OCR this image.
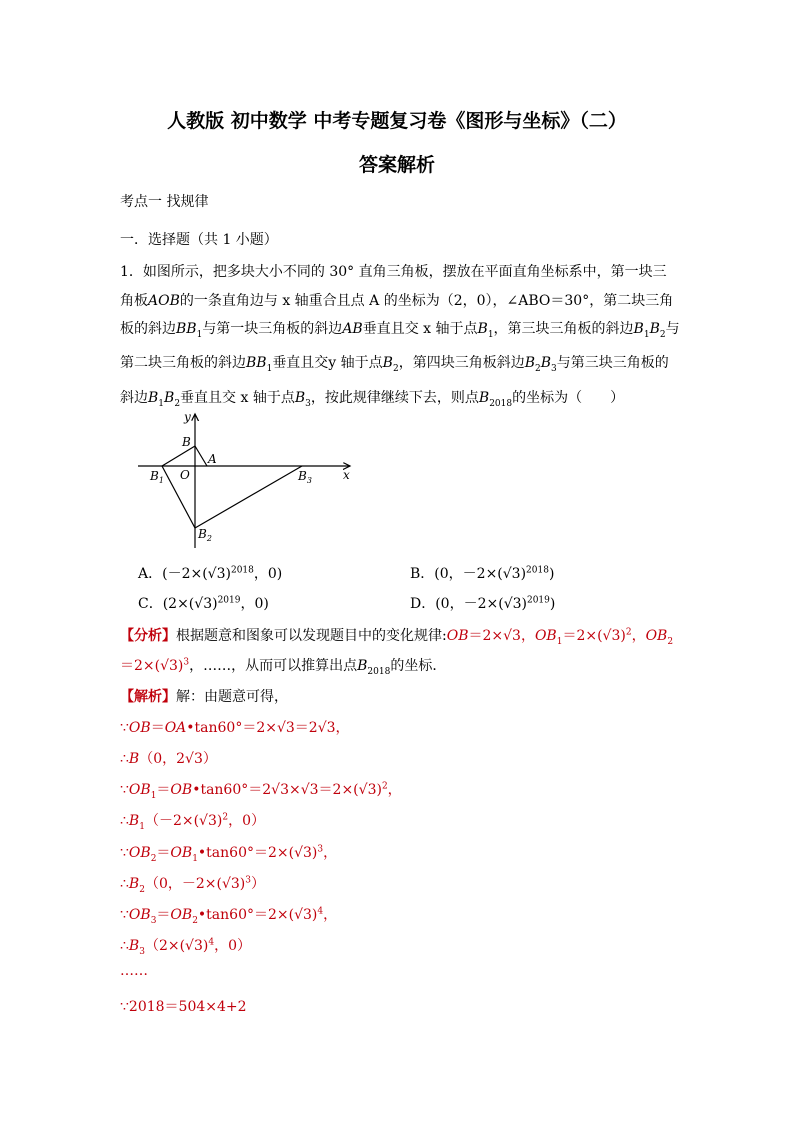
人教版 初中数学 中考专题复习卷《图形与坐标》（二）
答案解析
考点一 找规律
一．选择题（共 1 小题）
1．如图所示，把多块大小不同的 30° 直角三角板，摆放在平面直角坐标系中，第一块三角板AOB的一条直角边与 x 轴重合且点 A 的坐标为（2，0），∠ABO＝30°，第二块三角板的斜边$BB_1$与第一块三角板的斜边AB垂直且交 x 轴于点$B_1$，第三块三角板的斜边$B_1B_2$与第二块三角板的斜边$BB_1$垂直且交y 轴于点$B_2$，第四块三角板斜边$B_2B_3$与第三块三角板的斜边$B_1B_2$垂直且交 x 轴于点$B_3$，按此规律继续下去，则点$B_{2018}$的坐标为（　　）
y
x
B
A
O
$B_1$
$B_2$
$B_3$
A．($-2\times(√3)^{2018}$，0)	B．(0，$-2\times(√3)^{2018}$)
C．($2\times(√3)^{2019}$，0)	D．(0，$-2\times(√3)^{2019}$)
【分析】根据题意和图象可以发现题目中的变化规律:OB＝2×√3，$OB_1=2\times(√3)^2$，$OB_2$
$=2\times(√3)^3$，……，从而可以推算出点$B_{2018}$的坐标．
【解析】解：由题意可得，
∵OB＝OA•tan60°＝2×√3＝2√3，
∴B（0，2√3）
$\because OB_1=OB•\tan 60^\circ=2√3\times√3=2\times(√3)^2$，
$\therefore B_1(-2\times(√3)^2$，0）
$\because OB_2=OB_1•\tan 60^\circ=2\times(√3)^3$，
$\therefore B_2(0$，$-2\times(√3)^3$）
$\because OB_3=OB_2•\tan 60^\circ=2\times(√3)^4$，
$\therefore B_3(2\times(√3)^4$，0）
……
∵2018＝504×4+2
